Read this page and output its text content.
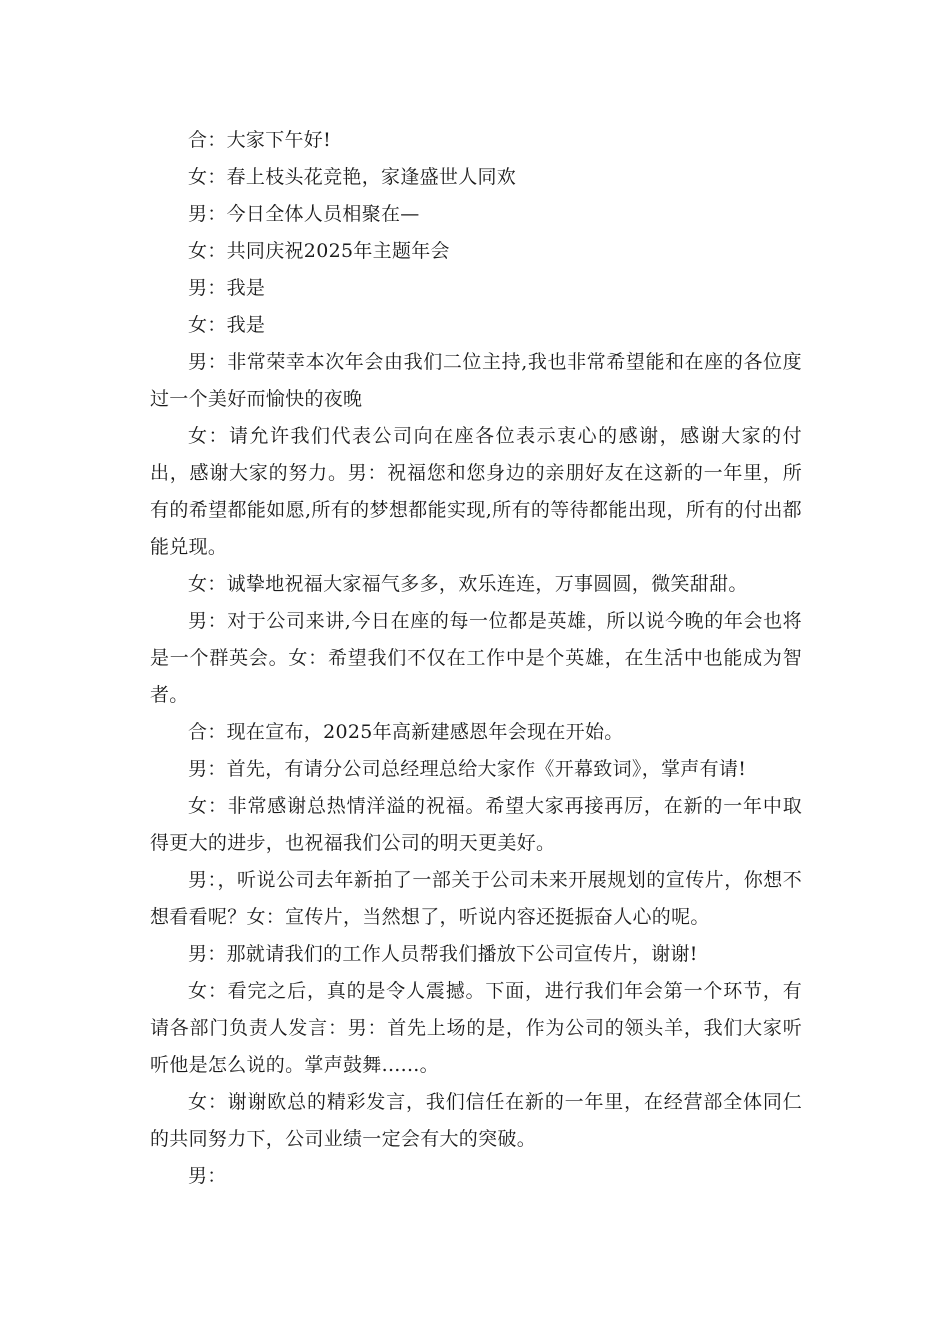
合：大家下午好!

女：春上枝头花竞艳，家逢盛世人同欢

男：今日全体人员相聚在—

女：共同庆祝2025年主题年会

男：我是

女：我是

男：非常荣幸本次年会由我们二位主持,我也非常希望能和在座的各位度过一个美好而愉快的夜晚

女：请允许我们代表公司向在座各位表示衷心的感谢，感谢大家的付出，感谢大家的努力。男：祝福您和您身边的亲朋好友在这新的一年里，所有的希望都能如愿,所有的梦想都能实现,所有的等待都能出现，所有的付出都能兑现。

女：诚挚地祝福大家福气多多，欢乐连连，万事圆圆，微笑甜甜。

男：对于公司来讲,今日在座的每一位都是英雄，所以说今晚的年会也将是一个群英会。女：希望我们不仅在工作中是个英雄，在生活中也能成为智者。

合：现在宣布，2025年高新建感恩年会现在开始。

男：首先，有请分公司总经理总给大家作《开幕致词》，掌声有请!

女：非常感谢总热情洋溢的祝福。希望大家再接再厉，在新的一年中取得更大的进步，也祝福我们公司的明天更美好。

男：，听说公司去年新拍了一部关于公司未来开展规划的宣传片，你想不想看看呢？女：宣传片，当然想了，听说内容还挺振奋人心的呢。

男：那就请我们的工作人员帮我们播放下公司宣传片，谢谢!

女：看完之后，真的是令人震撼。下面，进行我们年会第一个环节，有请各部门负责人发言：男：首先上场的是，作为公司的领头羊，我们大家听听他是怎么说的。掌声鼓舞......。

女：谢谢欧总的精彩发言，我们信任在新的一年里，在经营部全体同仁的共同努力下，公司业绩一定会有大的突破。

男：
